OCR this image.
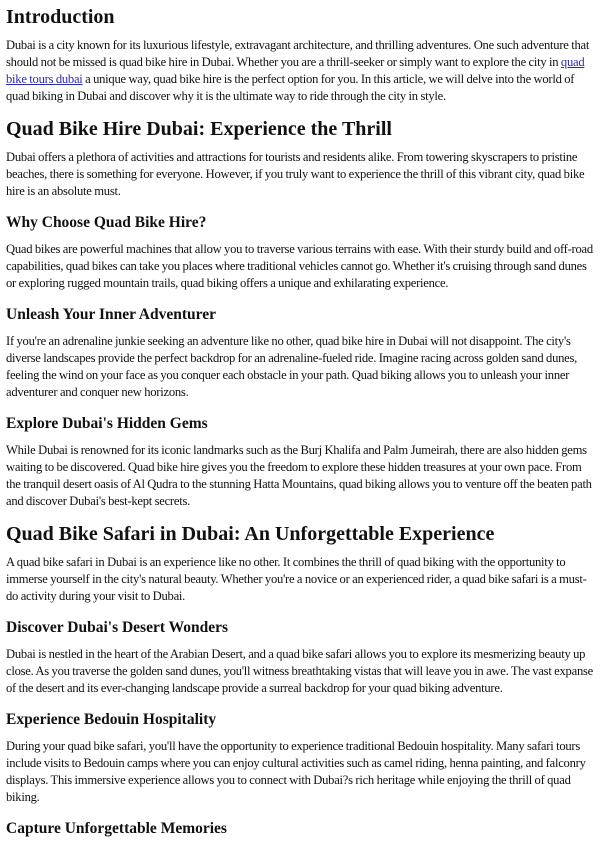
Introduction

Dubai is a city known for its luxurious lifestyle, extravagant architecture, and thrilling adventures. One such adventure that should not be missed is quad bike hire in Dubai. Whether you are a thrill-seeker or simply want to explore the city in quad bike tours dubai a unique way, quad bike hire is the perfect option for you. In this article, we will delve into the world of quad biking in Dubai and discover why it is the ultimate way to ride through the city in style.

Quad Bike Hire Dubai: Experience the Thrill

Dubai offers a plethora of activities and attractions for tourists and residents alike. From towering skyscrapers to pristine beaches, there is something for everyone. However, if you truly want to experience the thrill of this vibrant city, quad bike hire is an absolute must.

Why Choose Quad Bike Hire?

Quad bikes are powerful machines that allow you to traverse various terrains with ease. With their sturdy build and off-road capabilities, quad bikes can take you places where traditional vehicles cannot go. Whether it's cruising through sand dunes or exploring rugged mountain trails, quad biking offers a unique and exhilarating experience.

Unleash Your Inner Adventurer

If you're an adrenaline junkie seeking an adventure like no other, quad bike hire in Dubai will not disappoint. The city's diverse landscapes provide the perfect backdrop for an adrenaline-fueled ride. Imagine racing across golden sand dunes, feeling the wind on your face as you conquer each obstacle in your path. Quad biking allows you to unleash your inner adventurer and conquer new horizons.

Explore Dubai's Hidden Gems

While Dubai is renowned for its iconic landmarks such as the Burj Khalifa and Palm Jumeirah, there are also hidden gems waiting to be discovered. Quad bike hire gives you the freedom to explore these hidden treasures at your own pace. From the tranquil desert oasis of Al Qudra to the stunning Hatta Mountains, quad biking allows you to venture off the beaten path and discover Dubai's best-kept secrets.

Quad Bike Safari in Dubai: An Unforgettable Experience

A quad bike safari in Dubai is an experience like no other. It combines the thrill of quad biking with the opportunity to immerse yourself in the city's natural beauty. Whether you're a novice or an experienced rider, a quad bike safari is a must-do activity during your visit to Dubai.

Discover Dubai's Desert Wonders

Dubai is nestled in the heart of the Arabian Desert, and a quad bike safari allows you to explore its mesmerizing beauty up close. As you traverse the golden sand dunes, you'll witness breathtaking vistas that will leave you in awe. The vast expanse of the desert and its ever-changing landscape provide a surreal backdrop for your quad biking adventure.

Experience Bedouin Hospitality

During your quad bike safari, you'll have the opportunity to experience traditional Bedouin hospitality. Many safari tours include visits to Bedouin camps where you can enjoy cultural activities such as camel riding, henna painting, and falconry displays. This immersive experience allows you to connect with Dubai?s rich heritage while enjoying the thrill of quad biking.

Capture Unforgettable Memories
